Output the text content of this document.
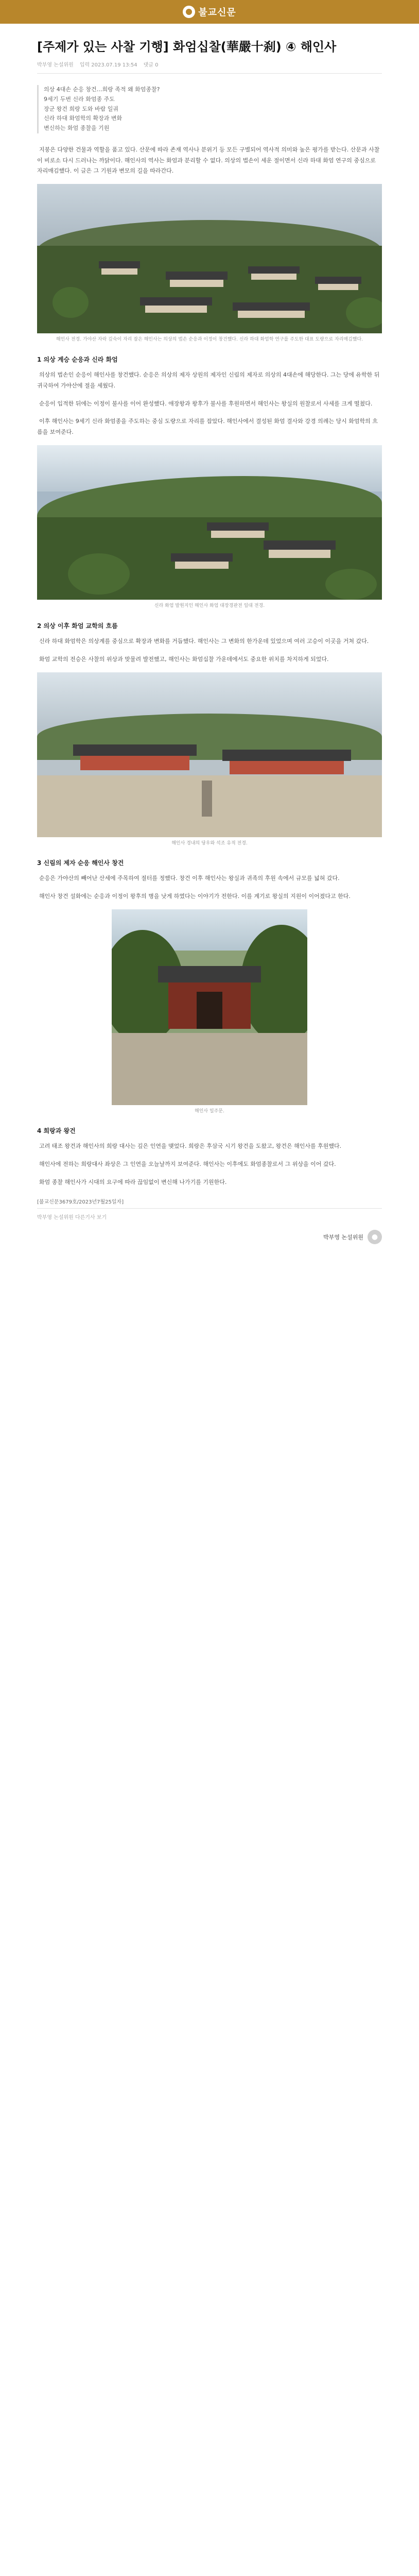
불교신문
[주제가 있는 사찰 기행] 화엄십찰(華嚴十刹) ④ 해인사
박부영 논설위원 입력 2023.07.19 13:54 댓글 0
의상 4대손 순응 창건…희랑 족적 왜 화엄종찰?
9세기 두번 신라 화엄종 주도
장군 왕건 희랑 도와 바람 일궈
신라 하대 화엄학의 확장과 변화
변신하는 화엄 종찰을 기원

지붕은 다양한 건물과 역할을 품고 있다. 산문에 따라 존재 역사나 분위기 등 모든 구별되어 역사적 의미와 높은 평가를 받는다. 산문과 사찰이 비로소 다시 드러나는 까닭이다. 해인사의 역사는 화엄과 분리할 수 없다. 의상의 법손이 세운 절이면서 신라 하대 화엄 연구의 중심으로 자리매김했다. 이 글은 그 기원과 변모의 길을 따라간다.

해인사 전경. 가야산 자락 깊숙이 자리 잡은 해인사는 의상의 법손 순응과 이정이 창건했다. 신라 하대 화엄학 연구를 주도한 대표 도량으로 자리매김했다.
1 의상 계승 순응과 신라 화엄

의상의 법손인 순응이 해인사를 창건했다. 순응은 의상의 제자 상원의 제자인 신림의 제자로 의상의 4대손에 해당한다. 그는 당에 유학한 뒤 귀국하여 가야산에 절을 세웠다.

순응이 입적한 뒤에는 이정이 불사를 이어 완성했다. 애장왕과 왕후가 불사를 후원하면서 해인사는 왕실의 원찰로서 사세를 크게 떨쳤다.

이후 해인사는 9세기 신라 화엄종을 주도하는 중심 도량으로 자리를 잡았다. 해인사에서 결성된 화엄 결사와 강경 의례는 당시 화엄학의 흐름을 보여준다.

신라 화엄 발원지인 해인사 화엄 대장경판전 일대 전경.
2 의상 이후 화엄 교학의 흐름

신라 하대 화엄학은 의상계를 중심으로 확장과 변화를 거듭했다. 해인사는 그 변화의 한가운데 있었으며 여러 고승이 이곳을 거쳐 갔다.

화엄 교학의 전승은 사찰의 위상과 맞물려 발전했고, 해인사는 화엄십찰 가운데에서도 중요한 위치를 차지하게 되었다.

해인사 경내의 당우와 석조 유적 전경.
3 신림의 제자 순응 해인사 창건

순응은 가야산의 빼어난 산세에 주목하여 절터를 정했다. 창건 이후 해인사는 왕실과 귀족의 후원 속에서 규모를 넓혀 갔다.

해인사 창건 설화에는 순응과 이정이 왕후의 병을 낫게 하였다는 이야기가 전한다. 이를 계기로 왕실의 지원이 이어졌다고 한다.

해인사 일주문.
4 희랑과 왕건

고려 태조 왕건과 해인사의 희랑 대사는 깊은 인연을 맺었다. 희랑은 후삼국 시기 왕건을 도왔고, 왕건은 해인사를 후원했다.

해인사에 전하는 희랑대사 좌상은 그 인연을 오늘날까지 보여준다. 해인사는 이후에도 화엄종찰로서 그 위상을 이어 갔다.

화엄 종찰 해인사가 시대의 요구에 따라 끊임없이 변신해 나가기를 기원한다.

[불교신문3679호/2023년7월25일자]
박부영 논설위원 다른기사 보기
박부영 논설위원	●
